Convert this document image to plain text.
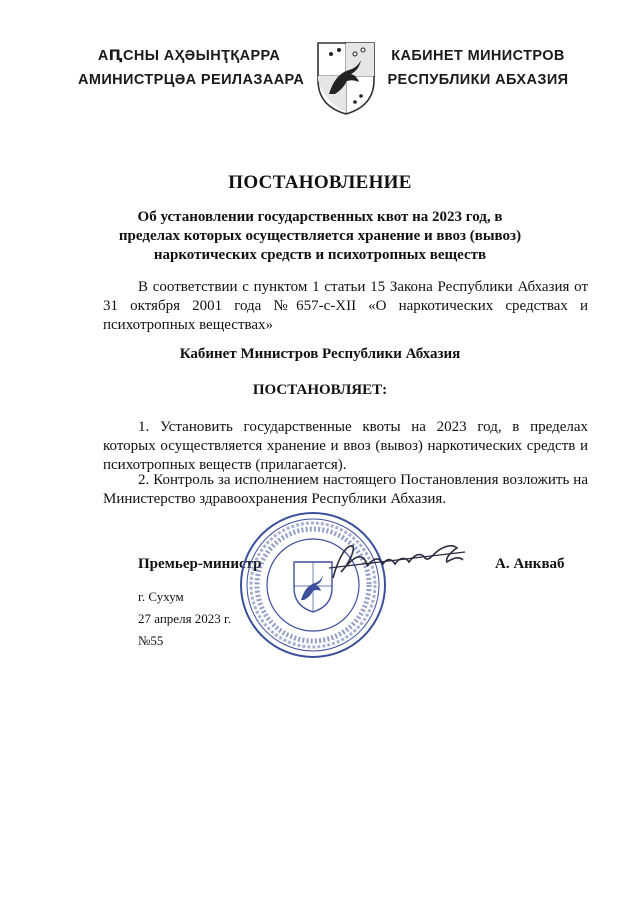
АԤСНЫ АҲӘЫНҬҚАРРА
АМИНИСТРЦӘА РЕИЛАЗААРА
КАБИНЕТ МИНИСТРОВ
РЕСПУБЛИКИ АБХАЗИЯ
ПОСТАНОВЛЕНИЕ
Об установлении государственных квот на 2023 год, в пределах которых осуществляется хранение и ввоз (вывоз) наркотических средств и психотропных веществ
В соответствии с пунктом 1 статьи 15 Закона Республики Абхазия от 31 октября 2001 года №657-с-XII «О наркотических средствах и психотропных веществах»
Кабинет Министров Республики Абхазия
ПОСТАНОВЛЯЕТ:
1. Установить государственные квоты на 2023 год, в пределах которых осуществляется хранение и ввоз (вывоз) наркотических средств и психотропных веществ (прилагается).
2. Контроль за исполнением настоящего Постановления возложить на Министерство здравоохранения Республики Абхазия.
Премьер-министр	А. Анкваб
г. Сухум
27 апреля 2023 г.
№55
